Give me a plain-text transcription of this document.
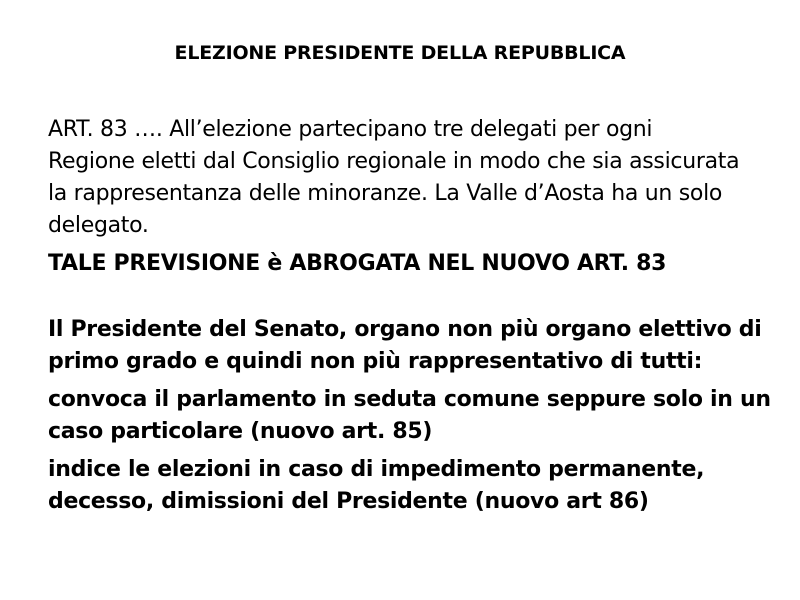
ELEZIONE PRESIDENTE DELLA REPUBBLICA
ART. 83 …. All’elezione partecipano tre delegati per ogni
Regione eletti dal Consiglio regionale in modo che sia assicurata
la rappresentanza delle minoranze. La Valle d’Aosta ha un solo
delegato.
TALE PREVISIONE è ABROGATA NEL NUOVO ART. 83
Il Presidente del Senato, organo non più organo elettivo di
primo grado e quindi non più rappresentativo di tutti:
convoca il parlamento in seduta comune seppure solo in un
caso particolare (nuovo art. 85)
indice le elezioni in caso di impedimento permanente,
decesso, dimissioni del Presidente (nuovo art 86)
